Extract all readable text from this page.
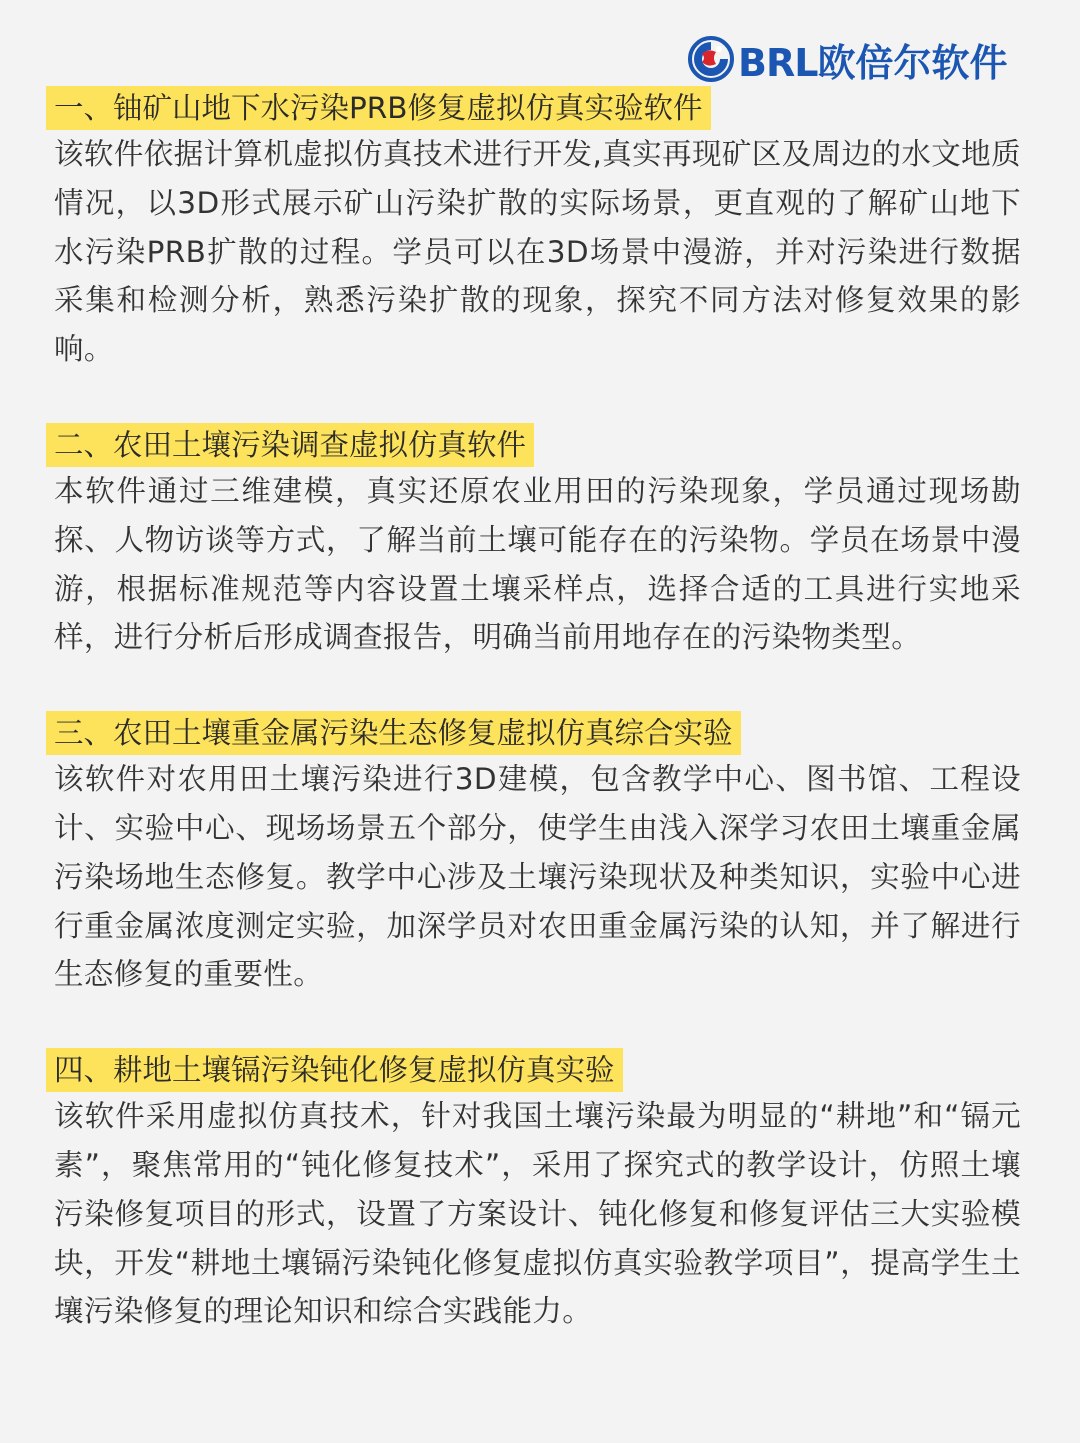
BRL欧倍尔软件
一、铀矿山地下水污染PRB修复虚拟仿真实验软件

该软件依据计算机虚拟仿真技术进行开发,真实再现矿区及周边的水文地质情况，以3D形式展示矿山污染扩散的实际场景，更直观的了解矿山地下水污染PRB扩散的过程。学员可以在3D场景中漫游，并对污染进行数据采集和检测分析，熟悉污染扩散的现象，探究不同方法对修复效果的影响。

二、农田土壤污染调查虚拟仿真软件

本软件通过三维建模，真实还原农业用田的污染现象，学员通过现场勘探、人物访谈等方式，了解当前土壤可能存在的污染物。学员在场景中漫游，根据标准规范等内容设置土壤采样点，选择合适的工具进行实地采样，进行分析后形成调查报告，明确当前用地存在的污染物类型。

三、农田土壤重金属污染生态修复虚拟仿真综合实验

该软件对农用田土壤污染进行3D建模，包含教学中心、图书馆、工程设计、实验中心、现场场景五个部分，使学生由浅入深学习农田土壤重金属污染场地生态修复。教学中心涉及土壤污染现状及种类知识，实验中心进行重金属浓度测定实验，加深学员对农田重金属污染的认知，并了解进行生态修复的重要性。

四、耕地土壤镉污染钝化修复虚拟仿真实验

该软件采用虚拟仿真技术，针对我国土壤污染最为明显的“耕地”和“镉元素”，聚焦常用的“钝化修复技术”，采用了探究式的教学设计，仿照土壤污染修复项目的形式，设置了方案设计、钝化修复和修复评估三大实验模块，开发“耕地土壤镉污染钝化修复虚拟仿真实验教学项目”，提高学生土壤污染修复的理论知识和综合实践能力。
